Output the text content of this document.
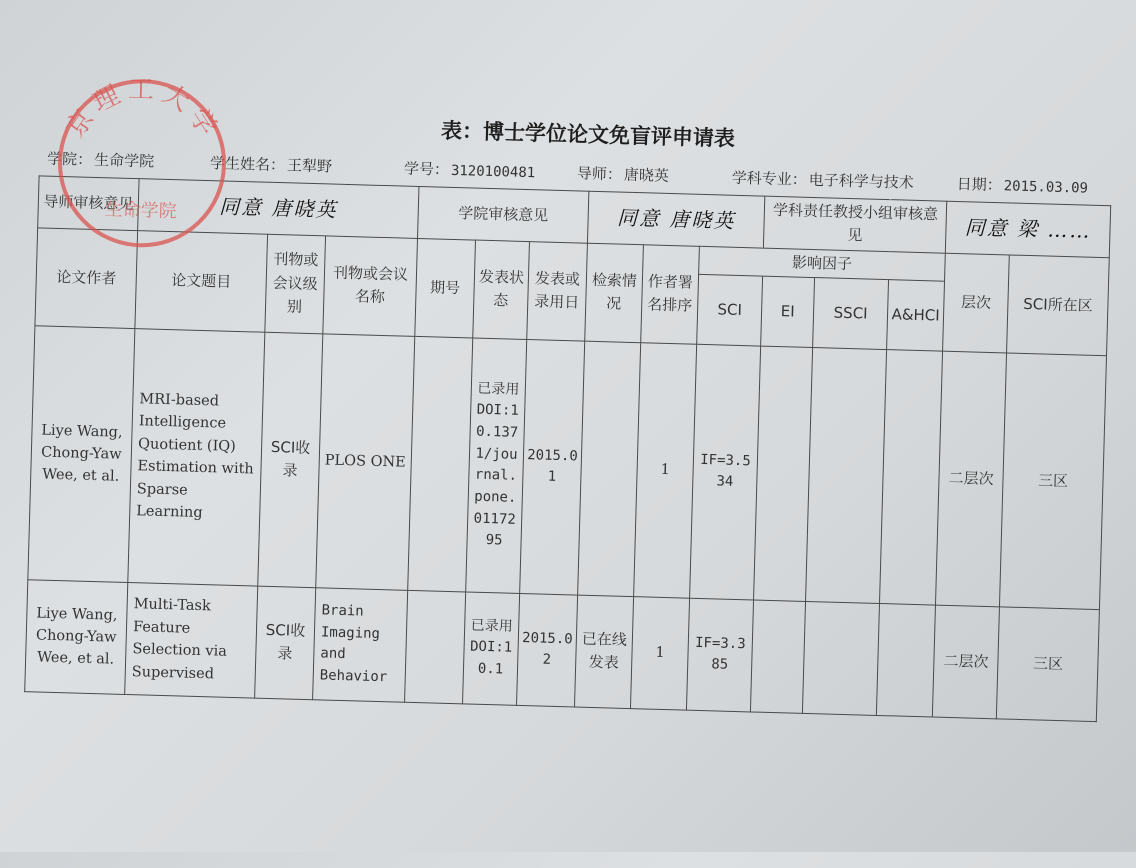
表：博士学位论文免盲评申请表
学院：生命学院	学生姓名：王犁野	学号：3120100481	导师：唐晓英	学科专业：电子科学与技术	日期：2015.03.09
导师审核意见	同意 唐晓英			学院审核意见			同意 唐晓英			学科责任教授小组审核意见			同意 梁 ……	
论文作者	论文题目	刊物或会议级别	刊物或会议名称	期号	发表状态	发表或录用日	检索情况	作者署名排序	影响因子				层次	SCI所在区
									SCI	EI	SSCI	A&HCI		
Liye Wang, Chong-Yaw Wee, et al.	MRI-based Intelligence Quotient (IQ) Estimation with Sparse Learning	SCI收录	PLOS ONE		已录用DOI:10.1371/journal.pone.0117295	2015.01		1	IF=3.534				二层次	三区
Liye Wang, Chong-Yaw Wee, et al.	Multi-Task Feature Selection via Supervised	SCI收录	Brain Imaging and Behavior		已录用DOI:10.1	2015.02	已在线发表	1	IF=3.385				二层次	三区
京理工大学
生命学院
